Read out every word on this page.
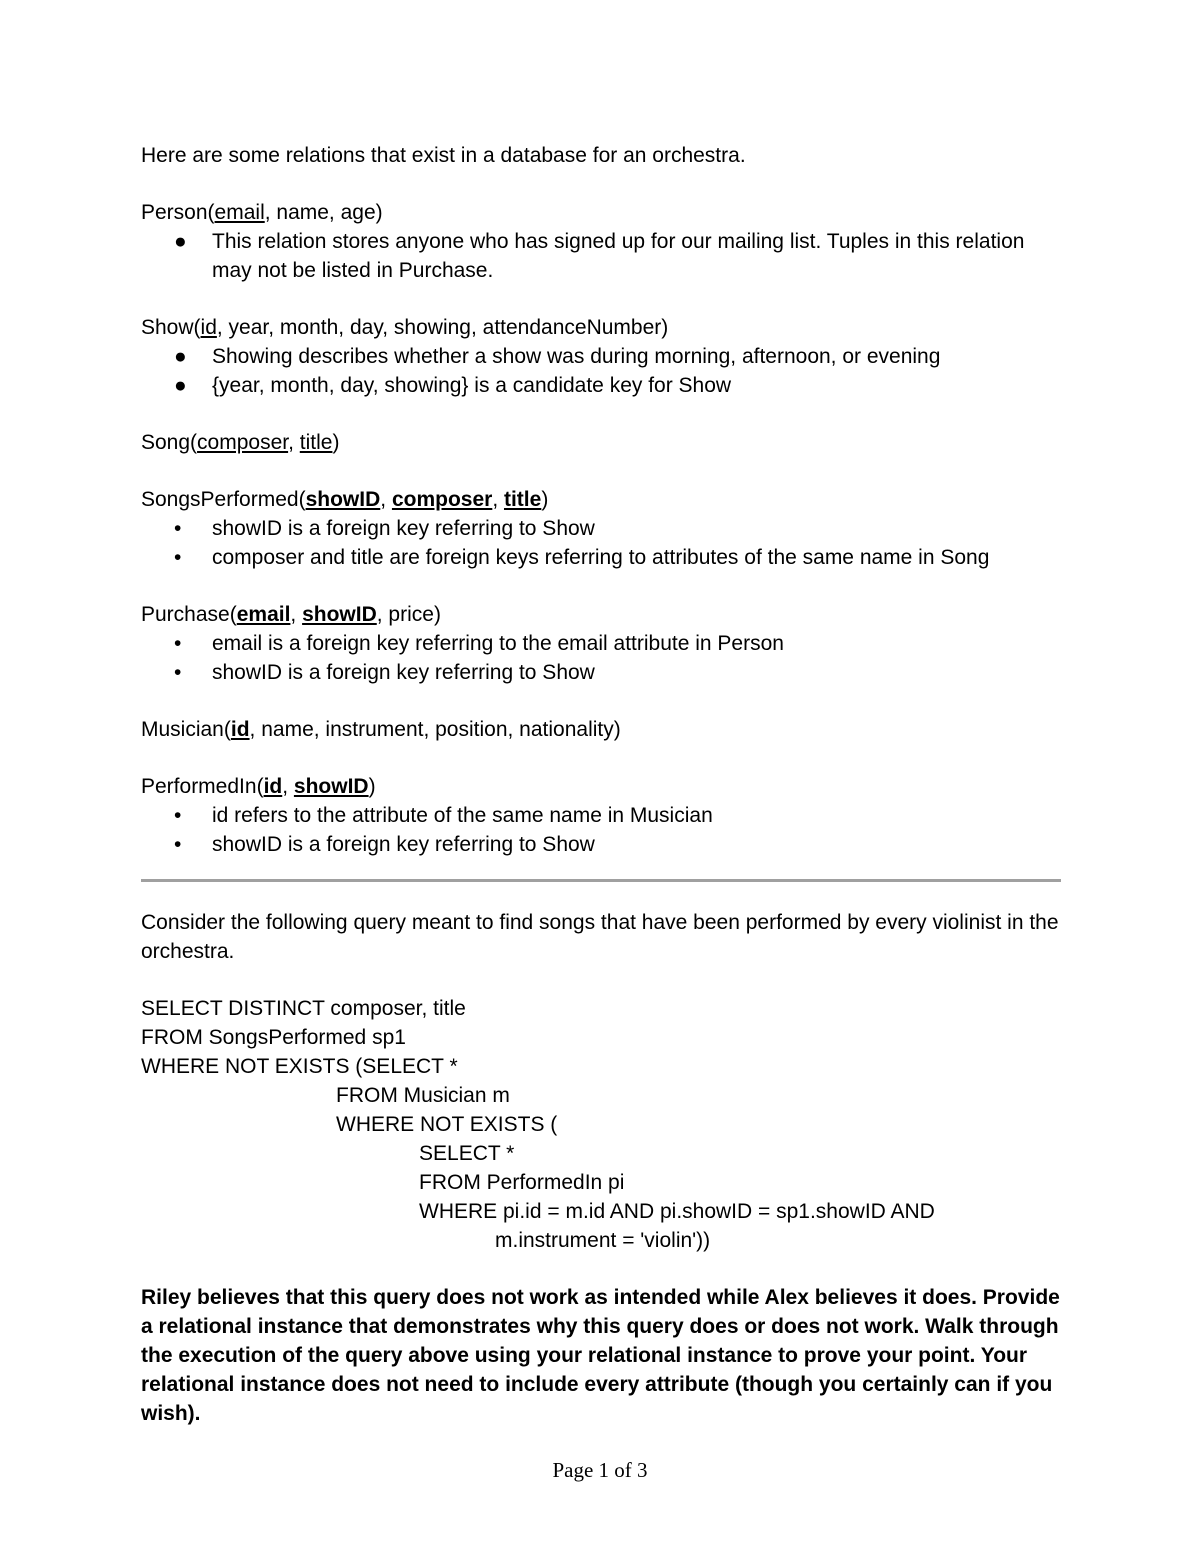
Here are some relations that exist in a database for an orchestra.

Person(email, name, age)

● This relation stores anyone who has signed up for our mailing list. Tuples in this relation may not be listed in Purchase.

Show(id, year, month, day, showing, attendanceNumber)

● Showing describes whether a show was during morning, afternoon, or evening
● {year, month, day, showing} is a candidate key for Show

Song(composer, title)

SongsPerformed(showID, composer, title)

• showID is a foreign key referring to Show
• composer and title are foreign keys referring to attributes of the same name in Song

Purchase(email, showID, price)

• email is a foreign key referring to the email attribute in Person
• showID is a foreign key referring to Show

Musician(id, name, instrument, position, nationality)

PerformedIn(id, showID)

• id refers to the attribute of the same name in Musician
• showID is a foreign key referring to Show

Consider the following query meant to find songs that have been performed by every violinist in the orchestra.

SELECT DISTINCT composer, title
FROM SongsPerformed sp1
WHERE NOT EXISTS (SELECT *
FROM Musician m
WHERE NOT EXISTS (
SELECT *
FROM PerformedIn pi
WHERE pi.id = m.id AND pi.showID = sp1.showID AND
m.instrument = 'violin'))

Riley believes that this query does not work as intended while Alex believes it does. Provide a relational instance that demonstrates why this query does or does not work. Walk through the execution of the query above using your relational instance to prove your point. Your relational instance does not need to include every attribute (though you certainly can if you wish).

Page 1 of 3
